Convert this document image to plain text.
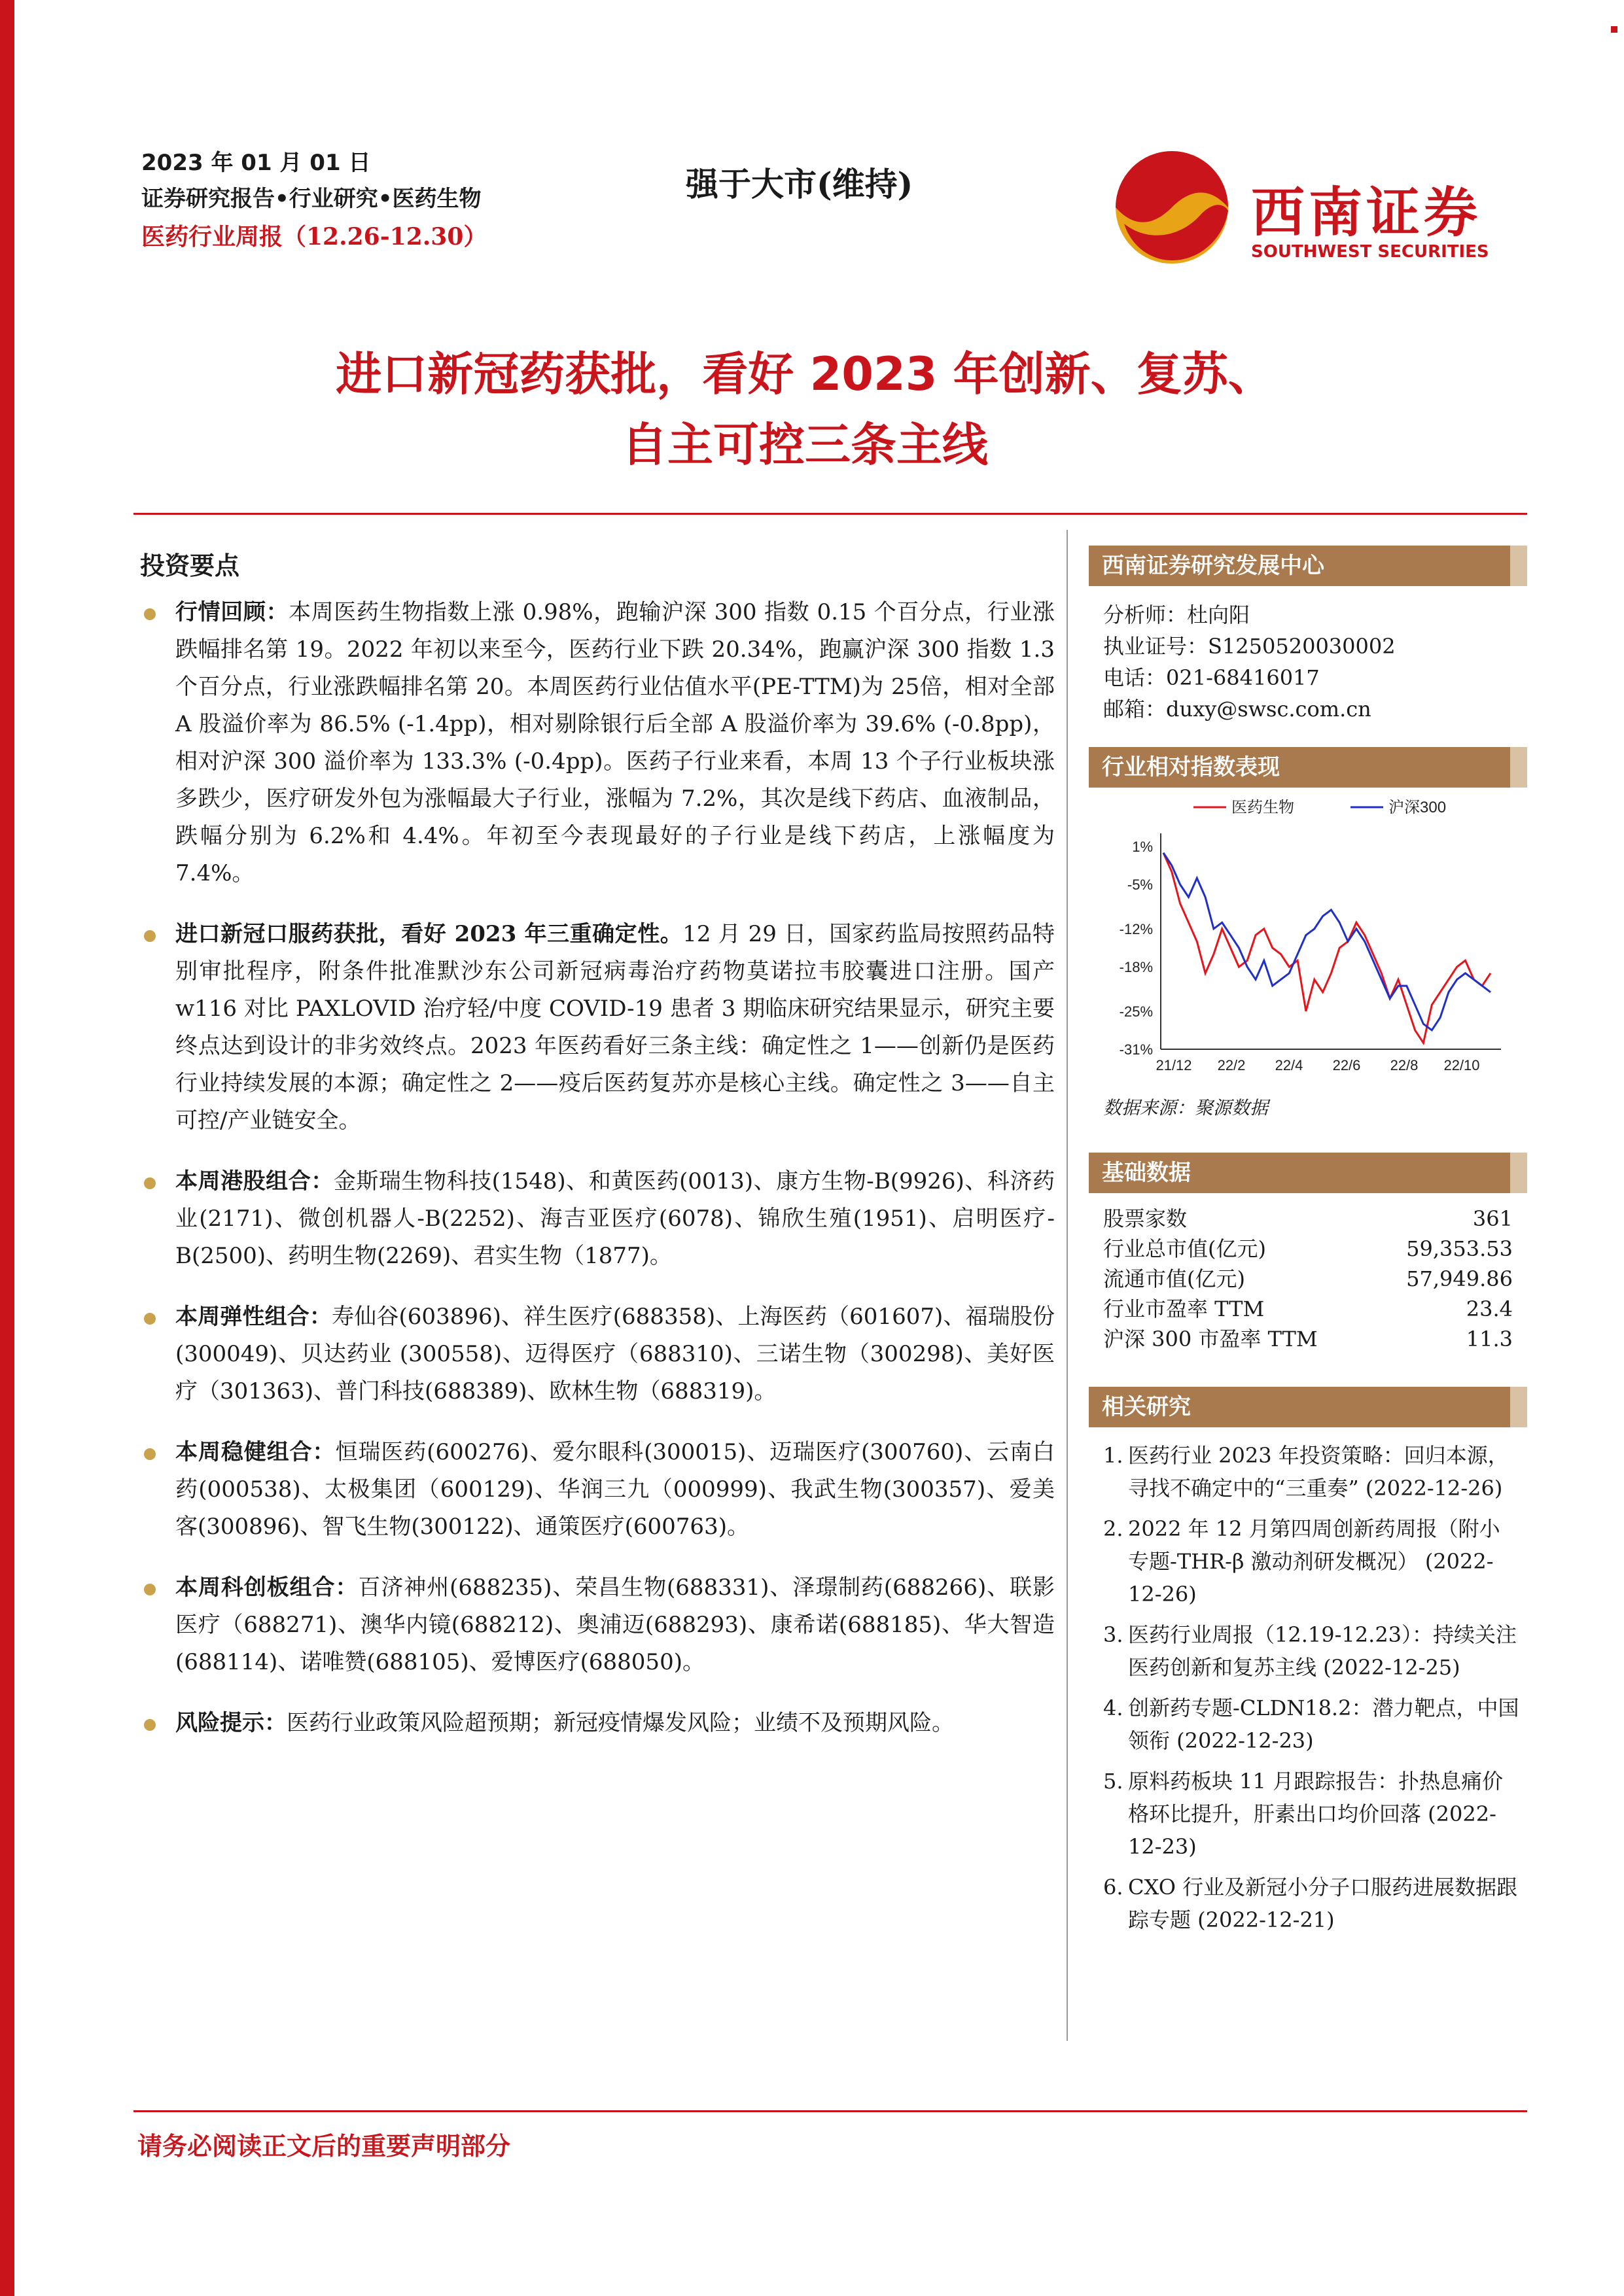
2023 年 01 月 01 日
证券研究报告•行业研究•医药生物
医药行业周报（12.26-12.30）
强于大市(维持)	西南证券
SOUTHWEST SECURITIES
进口新冠药获批，看好 2023 年创新、复苏、
自主可控三条主线
投资要点
行情回顾：本周医药生物指数上涨 0.98%，跑输沪深 300 指数 0.15 个百分点，行业涨跌幅排名第 19。2022 年初以来至今，医药行业下跌 20.34%，跑赢沪深 300 指数 1.3 个百分点，行业涨跌幅排名第 20。本周医药行业估值水平(PE-TTM)为 25倍，相对全部 A 股溢价率为 86.5% (-1.4pp)，相对剔除银行后全部 A 股溢价率为 39.6% (-0.8pp)，相对沪深 300 溢价率为 133.3% (-0.4pp)。医药子行业来看，本周 13 个子行业板块涨多跌少，医疗研发外包为涨幅最大子行业，涨幅为 7.2%，其次是线下药店、血液制品，跌幅分别为 6.2%和 4.4%。年初至今表现最好的子行业是线下药店，上涨幅度为 7.4%。
进口新冠口服药获批，看好 2023 年三重确定性。12 月 29 日，国家药监局按照药品特别审批程序，附条件批准默沙东公司新冠病毒治疗药物莫诺拉韦胶囊进口注册。国产 w116 对比 PAXLOVID 治疗轻/中度 COVID-19 患者 3 期临床研究结果显示，研究主要终点达到设计的非劣效终点。2023 年医药看好三条主线：确定性之 1——创新仍是医药行业持续发展的本源；确定性之 2——疫后医药复苏亦是核心主线。确定性之 3——自主可控/产业链安全。
本周港股组合：金斯瑞生物科技(1548)、和黄医药(0013)、康方生物-B(9926)、科济药业(2171)、微创机器人-B(2252)、海吉亚医疗(6078)、锦欣生殖(1951)、启明医疗-B(2500)、药明生物(2269)、君实生物（1877)。
本周弹性组合：寿仙谷(603896)、祥生医疗(688358)、上海医药（601607)、福瑞股份 (300049)、贝达药业 (300558)、迈得医疗（688310)、三诺生物（300298)、美好医疗（301363)、普门科技(688389)、欧林生物（688319)。
本周稳健组合：恒瑞医药(600276)、爱尔眼科(300015)、迈瑞医疗(300760)、云南白药(000538)、太极集团（600129)、华润三九（000999)、我武生物(300357)、爱美客(300896)、智飞生物(300122)、通策医疗(600763)。
本周科创板组合：百济神州(688235)、荣昌生物(688331)、泽璟制药(688266)、联影医疗（688271)、澳华内镜(688212)、奥浦迈(688293)、康希诺(688185)、华大智造(688114)、诺唯赞(688105)、爱博医疗(688050)。
风险提示：医药行业政策风险超预期；新冠疫情爆发风险；业绩不及预期风险。
西南证券研究发展中心
分析师：杜向阳
执业证号：S1250520030002
电话：021-68416017
邮箱：duxy@swsc.com.cn
行业相对指数表现
1%
-5%
-12%
-18%
-25%
-31%
21/12 22/2 22/4 22/6 22/8 22/10
医药生物	沪深300
数据来源：聚源数据
基础数据
股票家数	361
行业总市值(亿元)	59,353.53
流通市值(亿元)	57,949.86
行业市盈率 TTM	23.4
沪深 300 市盈率 TTM	11.3
相关研究
1. 医药行业 2023 年投资策略：回归本源，寻找不确定中的“三重奏” (2022-12-26)
2. 2022 年 12 月第四周创新药周报（附小专题-THR-β 激动剂研发概况） (2022-12-26)
3. 医药行业周报（12.19-12.23）：持续关注医药创新和复苏主线 (2022-12-25)
4. 创新药专题-CLDN18.2：潜力靶点，中国领衔 (2022-12-23)
5. 原料药板块 11 月跟踪报告：扑热息痛价格环比提升，肝素出口均价回落 (2022-12-23)
6. CXO 行业及新冠小分子口服药进展数据跟踪专题 (2022-12-21)
请务必阅读正文后的重要声明部分
